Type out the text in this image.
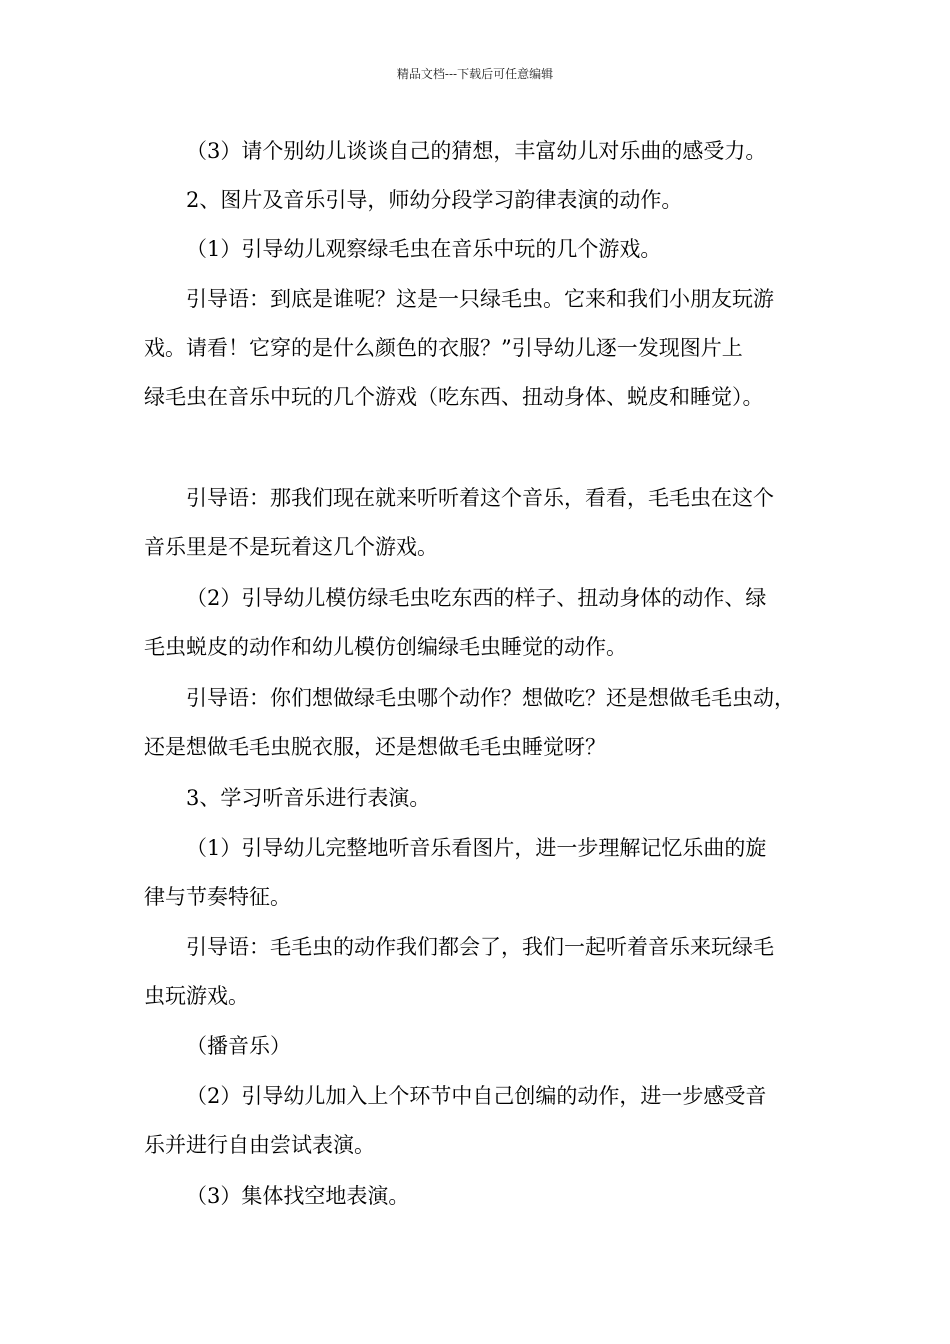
精品文档---下载后可任意编辑

（3）请个别幼儿谈谈自己的猜想，丰富幼儿对乐曲的感受力。

2、图片及音乐引导，师幼分段学习韵律表演的动作。

（1）引导幼儿观察绿毛虫在音乐中玩的几个游戏。

引导语：到底是谁呢？这是一只绿毛虫。它来和我们小朋友玩游
戏。请看！它穿的是什么颜色的衣服？”引导幼儿逐一发现图片上
绿毛虫在音乐中玩的几个游戏（吃东西、扭动身体、蜕皮和睡觉）。

引导语：那我们现在就来听听着这个音乐，看看，毛毛虫在这个
音乐里是不是玩着这几个游戏。

（2）引导幼儿模仿绿毛虫吃东西的样子、扭动身体的动作、绿
毛虫蜕皮的动作和幼儿模仿创编绿毛虫睡觉的动作。

引导语：你们想做绿毛虫哪个动作？想做吃？还是想做毛毛虫动，
还是想做毛毛虫脱衣服，还是想做毛毛虫睡觉呀？

3、学习听音乐进行表演。

（1）引导幼儿完整地听音乐看图片，进一步理解记忆乐曲的旋
律与节奏特征。

引导语：毛毛虫的动作我们都会了，我们一起听着音乐来玩绿毛
虫玩游戏。

（播音乐）

（2）引导幼儿加入上个环节中自己创编的动作，进一步感受音
乐并进行自由尝试表演。

（3）集体找空地表演。
